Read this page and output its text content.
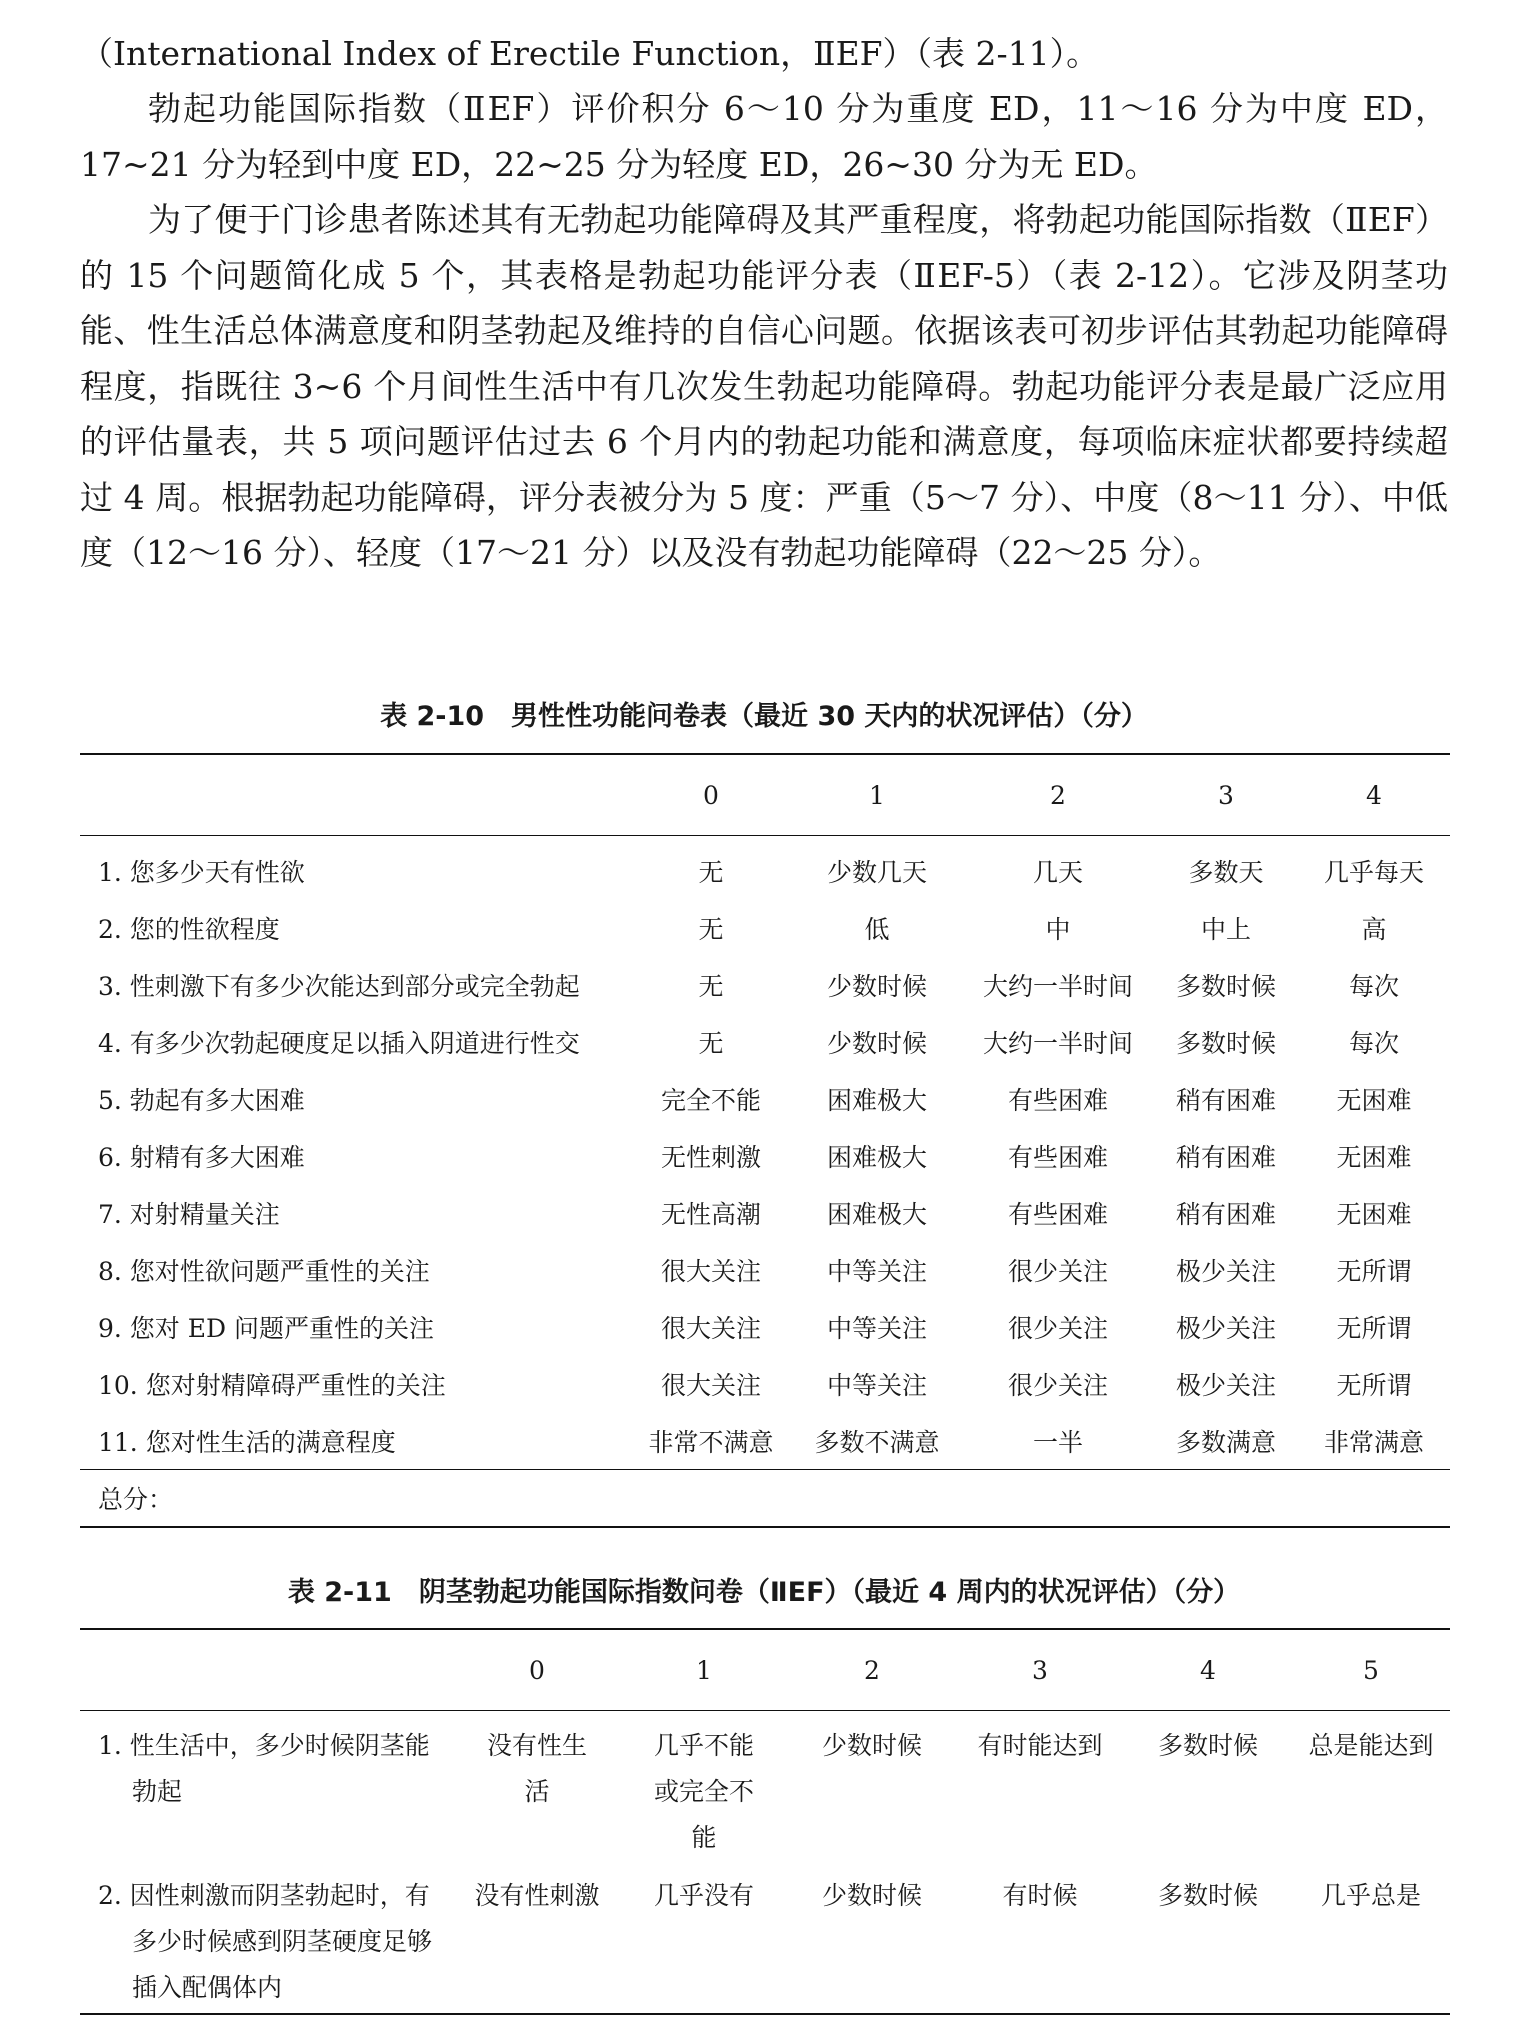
（International Index of Erectile Function，ⅡEF）（表 2-11）。
勃起功能国际指数（ⅡEF）评价积分 6～10 分为重度 ED，11～16 分为中度 ED，17~21 分为轻到中度 ED，22~25 分为轻度 ED，26~30 分为无 ED。
为了便于门诊患者陈述其有无勃起功能障碍及其严重程度，将勃起功能国际指数（ⅡEF）的 15 个问题简化成 5 个，其表格是勃起功能评分表（ⅡEF-5）（表 2-12）。它涉及阴茎功能、性生活总体满意度和阴茎勃起及维持的自信心问题。依据该表可初步评估其勃起功能障碍程度，指既往 3~6 个月间性生活中有几次发生勃起功能障碍。勃起功能评分表是最广泛应用的评估量表，共 5 项问题评估过去 6 个月内的勃起功能和满意度，每项临床症状都要持续超过 4 周。根据勃起功能障碍，评分表被分为 5 度：严重（5～7 分）、中度（8～11 分）、中低度（12～16 分）、轻度（17～21 分）以及没有勃起功能障碍（22～25 分）。
表 2-10　男性性功能问卷表（最近 30 天内的状况评估）（分）
	0	1	2	3	4
1. 您多少天有性欲	无	少数几天	几天	多数天	几乎每天
2. 您的性欲程度	无	低	中	中上	高
3. 性刺激下有多少次能达到部分或完全勃起	无	少数时候	大约一半时间	多数时候	每次
4. 有多少次勃起硬度足以插入阴道进行性交	无	少数时候	大约一半时间	多数时候	每次
5. 勃起有多大困难	完全不能	困难极大	有些困难	稍有困难	无困难
6. 射精有多大困难	无性刺激	困难极大	有些困难	稍有困难	无困难
7. 对射精量关注	无性高潮	困难极大	有些困难	稍有困难	无困难
8. 您对性欲问题严重性的关注	很大关注	中等关注	很少关注	极少关注	无所谓
9. 您对 ED 问题严重性的关注	很大关注	中等关注	很少关注	极少关注	无所谓
10. 您对射精障碍严重性的关注	很大关注	中等关注	很少关注	极少关注	无所谓
11. 您对性生活的满意程度	非常不满意	多数不满意	一半	多数满意	非常满意
总分：					
表 2-11　阴茎勃起功能国际指数问卷（ⅡEF）（最近 4 周内的状况评估）（分）
	0	1	2	3	4	5

1. 性生活中，多少时候阴茎能勃起	没有性生活	几乎不能或完全不能	少数时候	有时能达到	多数时候	总是能达到

2. 因性刺激而阴茎勃起时，有多少时候感到阴茎硬度足够插入配偶体内	没有性刺激	几乎没有	少数时候	有时候	多数时候	几乎总是
